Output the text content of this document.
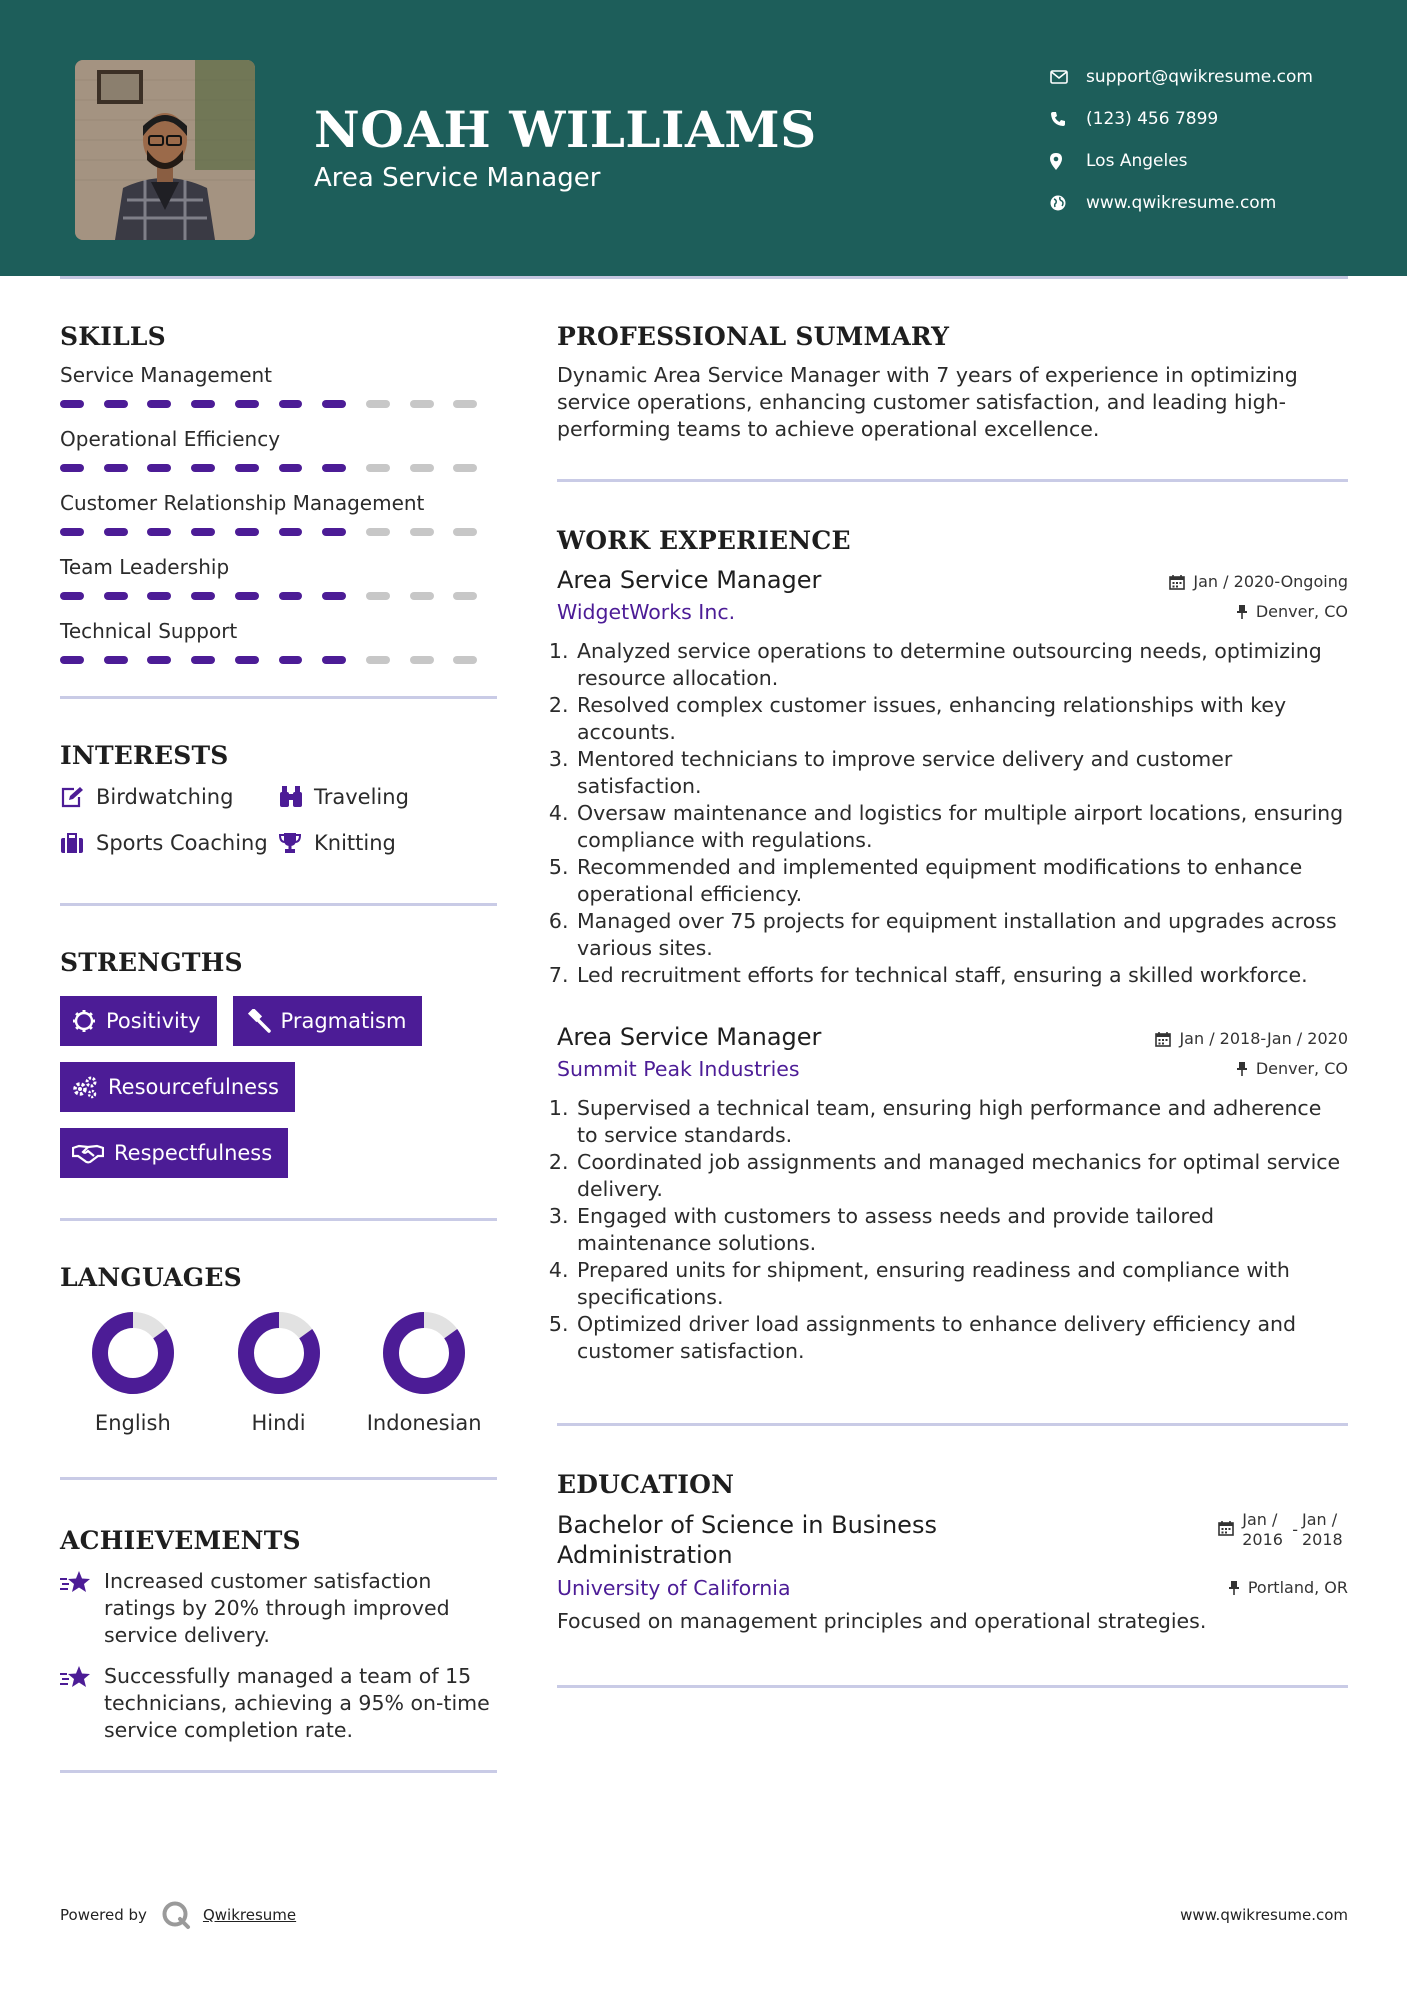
NOAH WILLIAMS
Area Service Manager
support@qwikresume.com
(123) 456 7899
Los Angeles
www.qwikresume.com
SKILLS
Service Management
Operational Efficiency
Customer Relationship Management
Team Leadership
Technical Support
INTERESTS
Birdwatching	Traveling
Sports Coaching Knitting
STRENGTHS
Positivity	Pragmatism
Resourcefulness
Respectfulness
LANGUAGES
English	Hindi	Indonesian
ACHIEVEMENTS
Increased customer satisfaction ratings by 20% through improved service delivery.
Successfully managed a team of 15 technicians, achieving a 95% on-time service completion rate.
PROFESSIONAL SUMMARY
Dynamic Area Service Manager with 7 years of experience in optimizing service operations, enhancing customer satisfaction, and leading high-performing teams to achieve operational excellence.
WORK EXPERIENCE
Area Service Manager	Jan / 2020-Ongoing
WidgetWorks Inc.	Denver, CO
1. Analyzed service operations to determine outsourcing needs, optimizing resource allocation.
2. Resolved complex customer issues, enhancing relationships with key accounts.
3. Mentored technicians to improve service delivery and customer satisfaction.
4. Oversaw maintenance and logistics for multiple airport locations, ensuring compliance with regulations.
5. Recommended and implemented equipment modifications to enhance operational efficiency.
6. Managed over 75 projects for equipment installation and upgrades across various sites.
7. Led recruitment efforts for technical staff, ensuring a skilled workforce.
Area Service Manager	Jan / 2018-Jan / 2020
Summit Peak Industries	Denver, CO
1. Supervised a technical team, ensuring high performance and adherence to service standards.
2. Coordinated job assignments and managed mechanics for optimal service delivery.
3. Engaged with customers to assess needs and provide tailored maintenance solutions.
4. Prepared units for shipment, ensuring readiness and compliance with specifications.
5. Optimized driver load assignments to enhance delivery efficiency and customer satisfaction.
EDUCATION
Bachelor of Science in Business Administration
Jan / 2016
-
Jan / 2018
University of California	Portland, OR
Focused on management principles and operational strategies.
Powered by	Qwikresume	www.qwikresume.com
